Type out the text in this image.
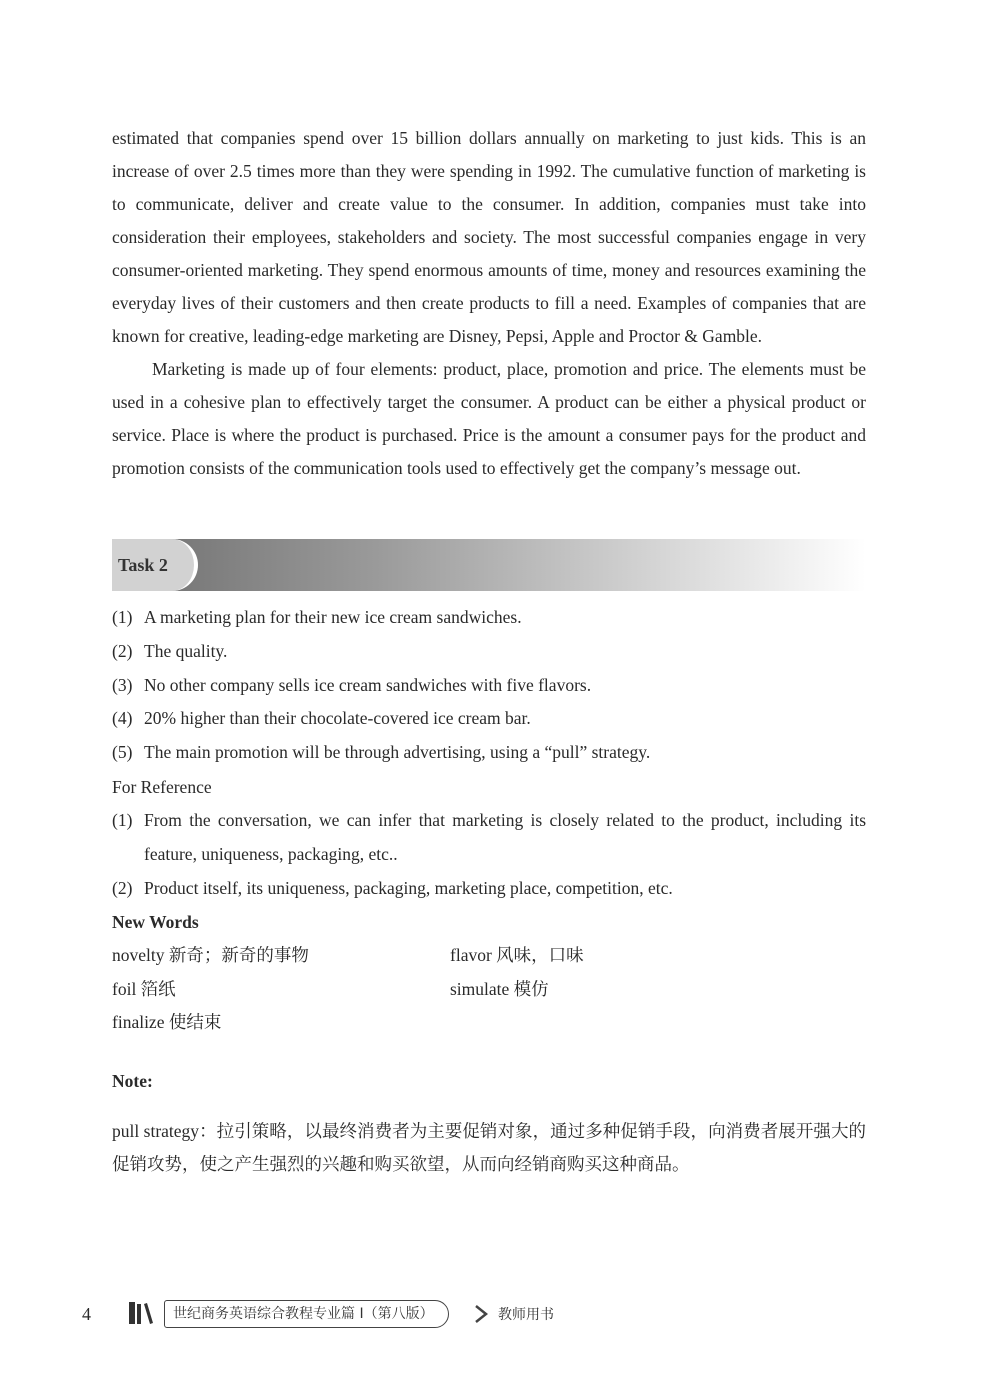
estimated that companies spend over 15 billion dollars annually on marketing to just kids. This is an increase of over 2.5 times more than they were spending in 1992. The cumulative function of marketing is to communicate, deliver and create value to the consumer. In addition, companies must take into consideration their employees, stakeholders and society. The most successful companies engage in very consumer-oriented marketing. They spend enormous amounts of time, money and resources examining the everyday lives of their customers and then create products to fill a need. Examples of companies that are known for creative, leading-edge marketing are Disney, Pepsi, Apple and Proctor & Gamble.

Marketing is made up of four elements: product, place, promotion and price. The elements must be used in a cohesive plan to effectively target the consumer. A product can be either a physical product or service. Place is where the product is purchased. Price is the amount a consumer pays for the product and promotion consists of the communication tools used to effectively get the company’s message out.

Task 2
(1) A marketing plan for their new ice cream sandwiches.
(2) The quality.
(3) No other company sells ice cream sandwiches with five flavors.
(4) 20% higher than their chocolate-covered ice cream bar.
(5) The main promotion will be through advertising, using a “pull” strategy.

For Reference

(1) From the conversation, we can infer that marketing is closely related to the product, including its feature, uniqueness, packaging, etc..
(2) Product itself, its uniqueness, packaging, marketing place, competition, etc.

New Words

novelty 新奇；新奇的事物	flavor 风味，口味
foil 箔纸	simulate 模仿
finalize 使结束

Note:

pull strategy：拉引策略，以最终消费者为主要促销对象，通过多种促销手段，向消费者展开强大的促销攻势，使之产生强烈的兴趣和购买欲望，从而向经销商购买这种商品。

4	世纪商务英语综合教程专业篇 I（第八版）	教师用书
